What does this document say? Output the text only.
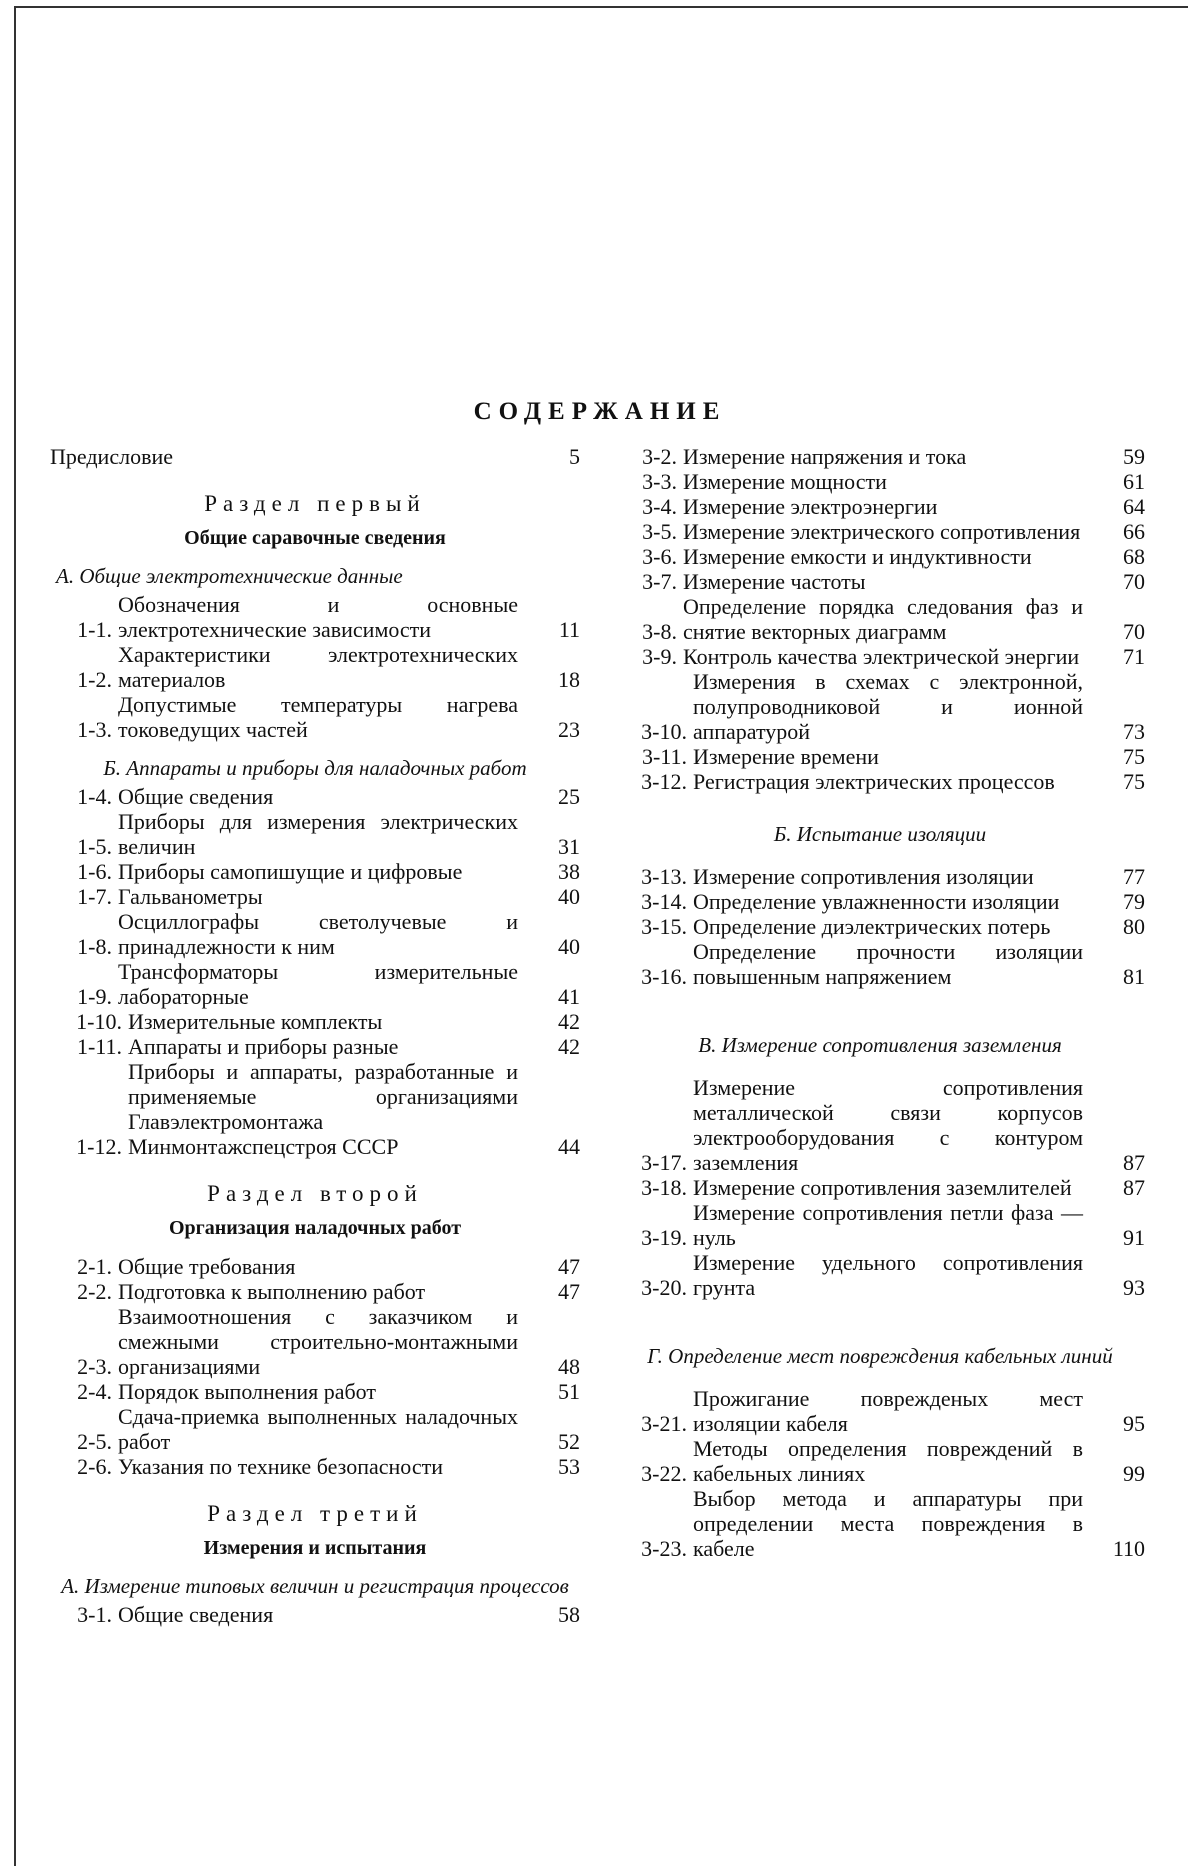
СОДЕРЖАНИЕ
Предисловие	5
Раздел первый
Общие саравочные сведения
А. Общие электротехнические данные
1-1.
Обозначения и основные электротехнические зависимости	11
1-2.
Характеристики электротехнических материалов	18
1-3.
Допустимые температуры нагрева токоведущих частей	23
Б. Аппараты и приборы для наладочных работ
1-4. Общие сведения	25
1-5.
Приборы для измерения электрических величин	31
1-6. Приборы самопишущие и цифровые	38
1-7. Гальванометры	40
1-8.
Осциллографы светолучевые и принадлежности к ним	40
1-9.
Трансформаторы измерительные лабораторные	41
1-10. Измерительные комплекты	42
1-11. Аппараты и приборы разные	42
1-12.
Приборы и аппараты, разработанные и применяемые организациями Главэлектромонтажа Минмонтажспецстроя СССР	44
Раздел второй
Организация наладочных работ
2-1. Общие требования	47
2-2. Подготовка к выполнению работ	47
2-3.
Взаимоотношения с заказчиком и смежными строительно-монтажными организациями	48
2-4. Порядок выполнения работ	51
2-5.
Сдача-приемка выполненных наладочных работ	52
2-6. Указания по технике безопасности	53
Раздел третий
Измерения и испытания
А. Измерение типовых величин и регистрация процессов
3-1. Общие сведения	58
3-2. Измерение напряжения и тока	59
3-3. Измерение мощности	61
3-4. Измерение электроэнергии	64
3-5. Измерение электрического сопротивления	66
3-6. Измерение емкости и индуктивности	68
3-7. Измерение частоты	70
3-8.
Определение порядка следования фаз и снятие векторных диаграмм	70
3-9. Контроль качества электрической энергии	71
3-10.
Измерения в схемах с электронной, полупроводниковой и ионной аппаратурой	73
3-11. Измерение времени	75
3-12. Регистрация электрических процессов	75
Б. Испытание изоляции
3-13. Измерение сопротивления изоляции	77
3-14. Определение увлажненности изоляции	79
3-15. Определение диэлектрических потерь	80
3-16.
Определение прочности изоляции повышенным напряжением	81
В. Измерение сопротивления заземления
3-17.
Измерение сопротивления металлической связи корпусов электрооборудования с контуром заземления	87
3-18. Измерение сопротивления заземлителей	87
3-19.
Измерение сопротивления петли фаза — нуль	91
3-20.
Измерение удельного сопротивления грунта	93
Г. Определение мест повреждения кабельных линий
3-21.
Прожигание поврежденых мест изоляции кабеля	95
3-22.
Методы определения повреждений в кабельных линиях	99
3-23.
Выбор метода и аппаратуры при определении места повреждения в кабеле	110
